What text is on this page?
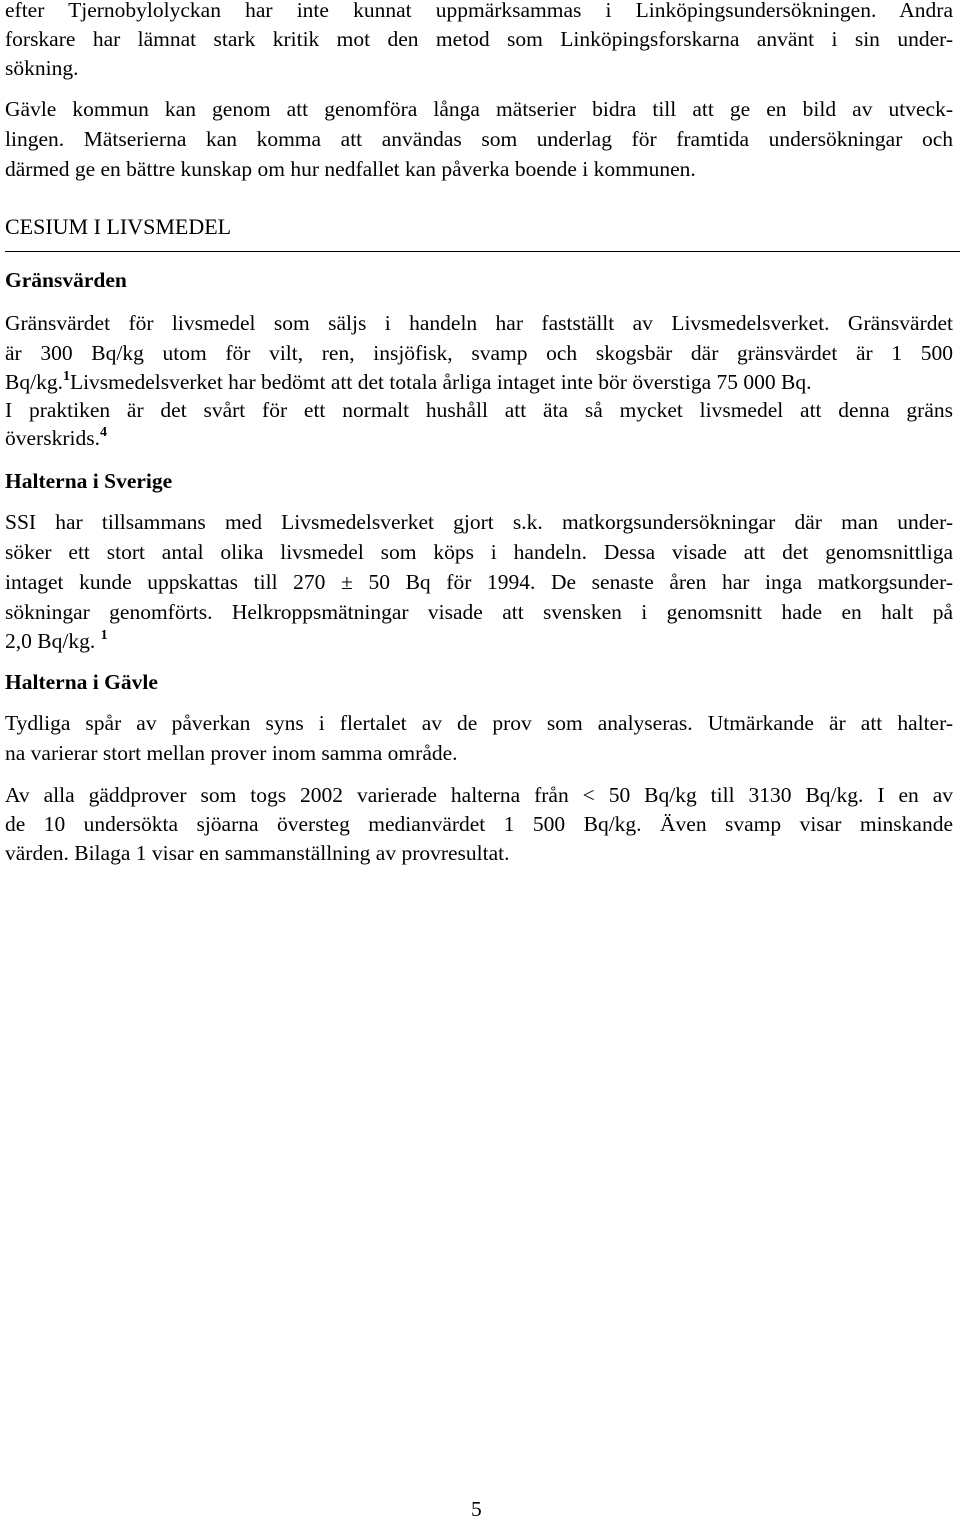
efter Tjernobylolyckan har inte kunnat uppmärksammas i Linköpingsundersökningen. Andra
forskare har lämnat stark kritik mot den metod som Linköpingsforskarna använt i sin under-
sökning.
Gävle kommun kan genom att genomföra långa mätserier bidra till att ge en bild av utveck-
lingen. Mätserierna kan komma att användas som underlag för framtida undersökningar och
därmed ge en bättre kunskap om hur nedfallet kan påverka boende i kommunen.
CESIUM I LIVSMEDEL
Gränsvärden
Gränsvärdet för livsmedel som säljs i handeln har fastställt av Livsmedelsverket. Gränsvärdet
är 300 Bq/kg utom för vilt, ren, insjöfisk, svamp och skogsbär där gränsvärdet är 1 500
Bq/kg.$^1$Livsmedelsverket har bedömt att det totala årliga intaget inte bör överstiga 75 000 Bq.
I praktiken är det svårt för ett normalt hushåll att äta så mycket livsmedel att denna gräns
överskrids.$^4$
Halterna i Sverige
SSI har tillsammans med Livsmedelsverket gjort s.k. matkorgsundersökningar där man under-
söker ett stort antal olika livsmedel som köps i handeln. Dessa visade att det genomsnittliga
intaget kunde uppskattas till 270 ± 50 Bq för 1994. De senaste åren har inga matkorgsunder-
sökningar genomförts. Helkroppsmätningar visade att svensken i genomsnitt hade en halt på
2,0 Bq/kg. $^1$
Halterna i Gävle
Tydliga spår av påverkan syns i flertalet av de prov som analyseras. Utmärkande är att halter-
na varierar stort mellan prover inom samma område.
Av alla gäddprover som togs 2002 varierade halterna från < 50 Bq/kg till 3130 Bq/kg. I en av
de 10 undersökta sjöarna översteg medianvärdet 1 500 Bq/kg. Även svamp visar minskande
värden. Bilaga 1 visar en sammanställning av provresultat.
5
